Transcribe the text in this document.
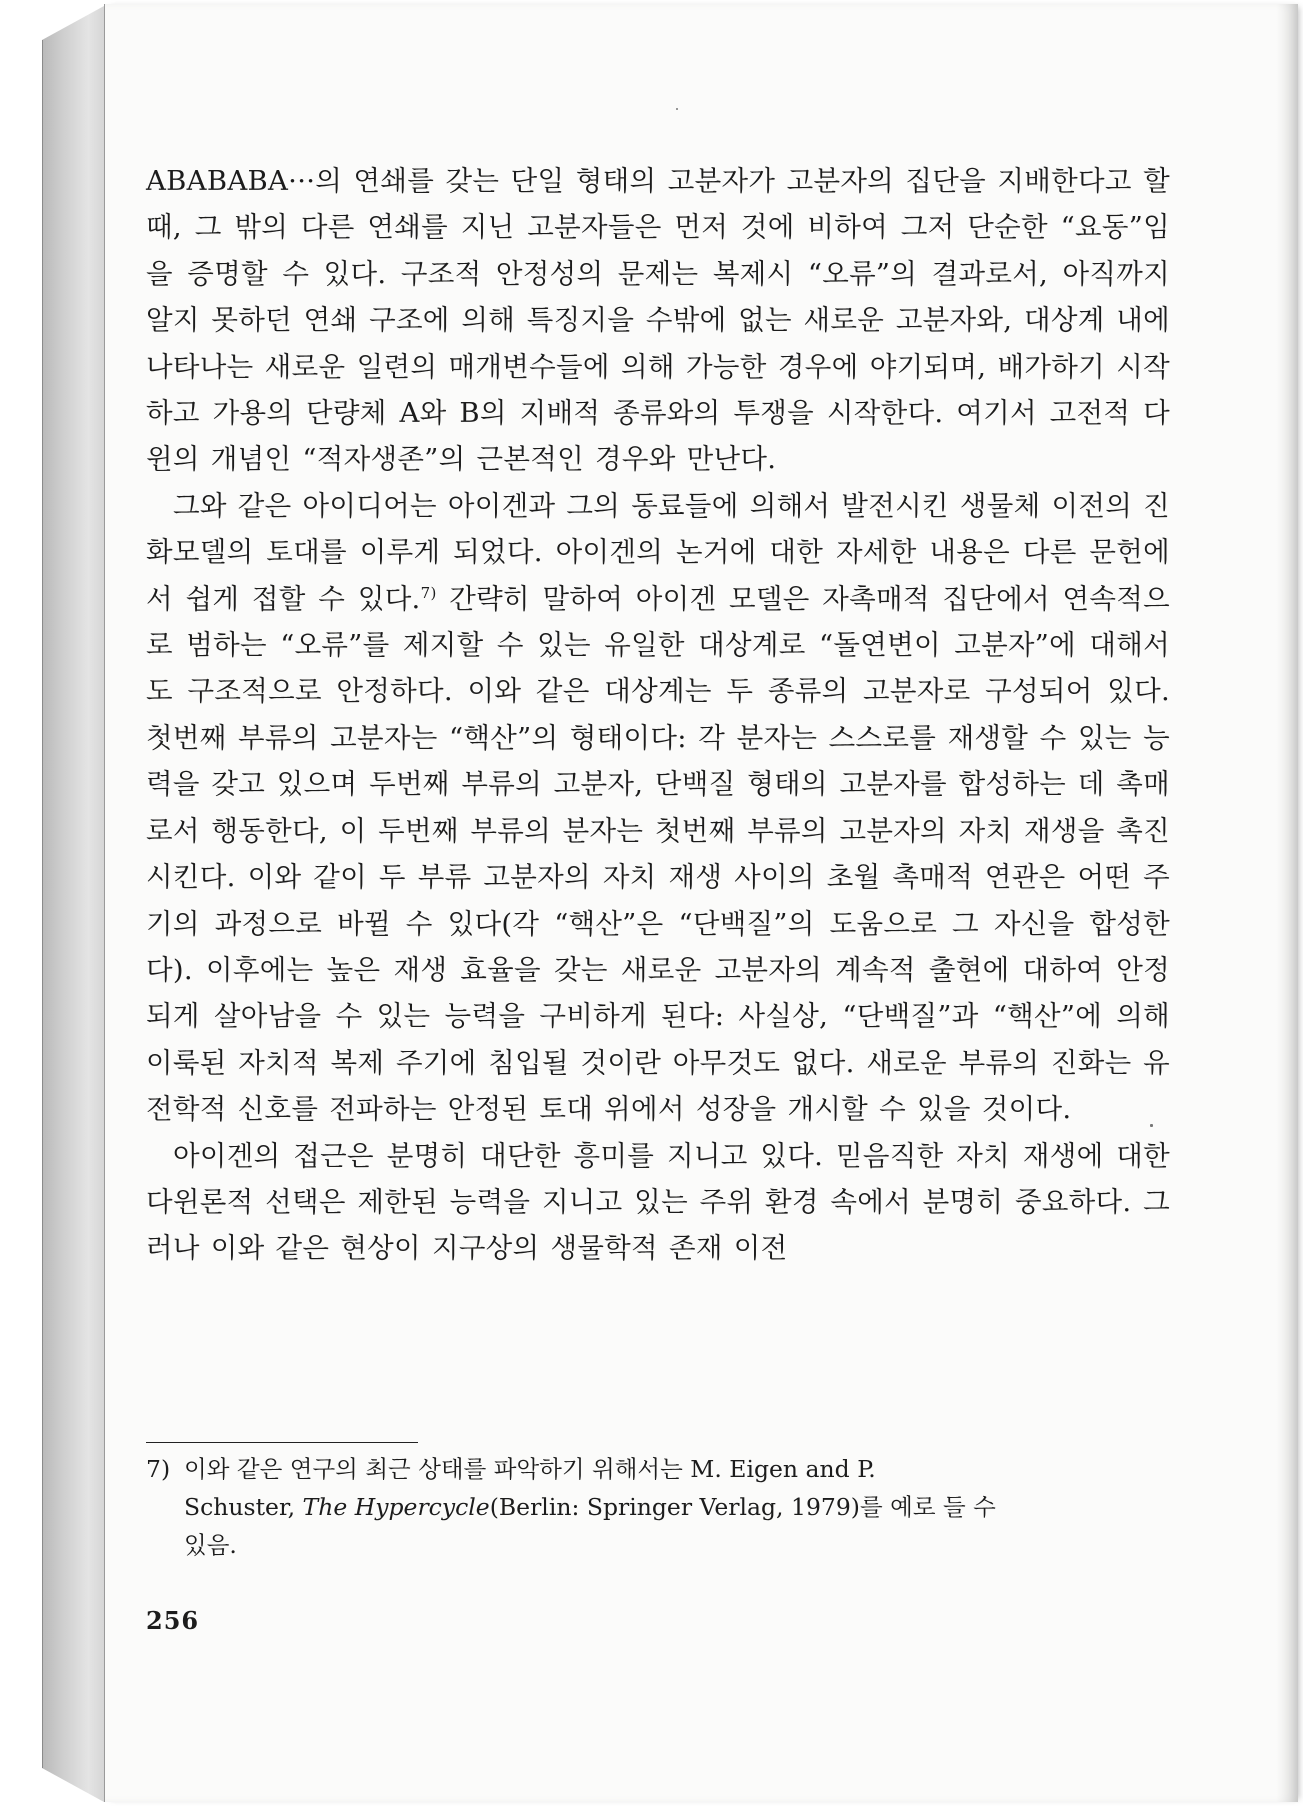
ABABABA···의 연쇄를 갖는 단일 형태의 고분자가 고분자의 집단을 지배한다고 할 때, 그 밖의 다른 연쇄를 지닌 고분자들은 먼저 것에 비하여 그저 단순한 “요동”임을 증명할 수 있다. 구조적 안정성의 문제는 복제시 “오류”의 결과로서, 아직까지 알지 못하던 연쇄 구조에 의해 특징지을 수밖에 없는 새로운 고분자와, 대상계 내에 나타나는 새로운 일련의 매개변수들에 의해 가능한 경우에 야기되며, 배가하기 시작하고 가용의 단량체 A와 B의 지배적 종류와의 투쟁을 시작한다. 여기서 고전적 다윈의 개념인 “적자생존”의 근본적인 경우와 만난다.

그와 같은 아이디어는 아이겐과 그의 동료들에 의해서 발전시킨 생물체 이전의 진화모델의 토대를 이루게 되었다. 아이겐의 논거에 대한 자세한 내용은 다른 문헌에서 쉽게 접할 수 있다.$^{7)}$ 간략히 말하여 아이겐 모델은 자촉매적 집단에서 연속적으로 범하는 “오류”를 제지할 수 있는 유일한 대상계로 “돌연변이 고분자”에 대해서도 구조적으로 안정하다. 이와 같은 대상계는 두 종류의 고분자로 구성되어 있다. 첫번째 부류의 고분자는 “핵산”의 형태이다: 각 분자는 스스로를 재생할 수 있는 능력을 갖고 있으며 두번째 부류의 고분자, 단백질 형태의 고분자를 합성하는 데 촉매로서 행동한다, 이 두번째 부류의 분자는 첫번째 부류의 고분자의 자치 재생을 촉진시킨다. 이와 같이 두 부류 고분자의 자치 재생 사이의 초월 촉매적 연관은 어떤 주기의 과정으로 바뀔 수 있다(각 “핵산”은 “단백질”의 도움으로 그 자신을 합성한다). 이후에는 높은 재생 효율을 갖는 새로운 고분자의 계속적 출현에 대하여 안정되게 살아남을 수 있는 능력을 구비하게 된다: 사실상, “단백질”과 “핵산”에 의해 이룩된 자치적 복제 주기에 침입될 것이란 아무것도 없다. 새로운 부류의 진화는 유전학적 신호를 전파하는 안정된 토대 위에서 성장을 개시할 수 있을 것이다.

아이겐의 접근은 분명히 대단한 흥미를 지니고 있다. 믿음직한 자치 재생에 대한 다윈론적 선택은 제한된 능력을 지니고 있는 주위 환경 속에서 분명히 중요하다. 그러나 이와 같은 현상이 지구상의 생물학적 존재 이전

7) 이와 같은 연구의 최근 상태를 파악하기 위해서는 M. Eigen and P.

Schuster, The Hypercycle(Berlin: Springer Verlag, 1979)를 예로 들 수

있음.

256
